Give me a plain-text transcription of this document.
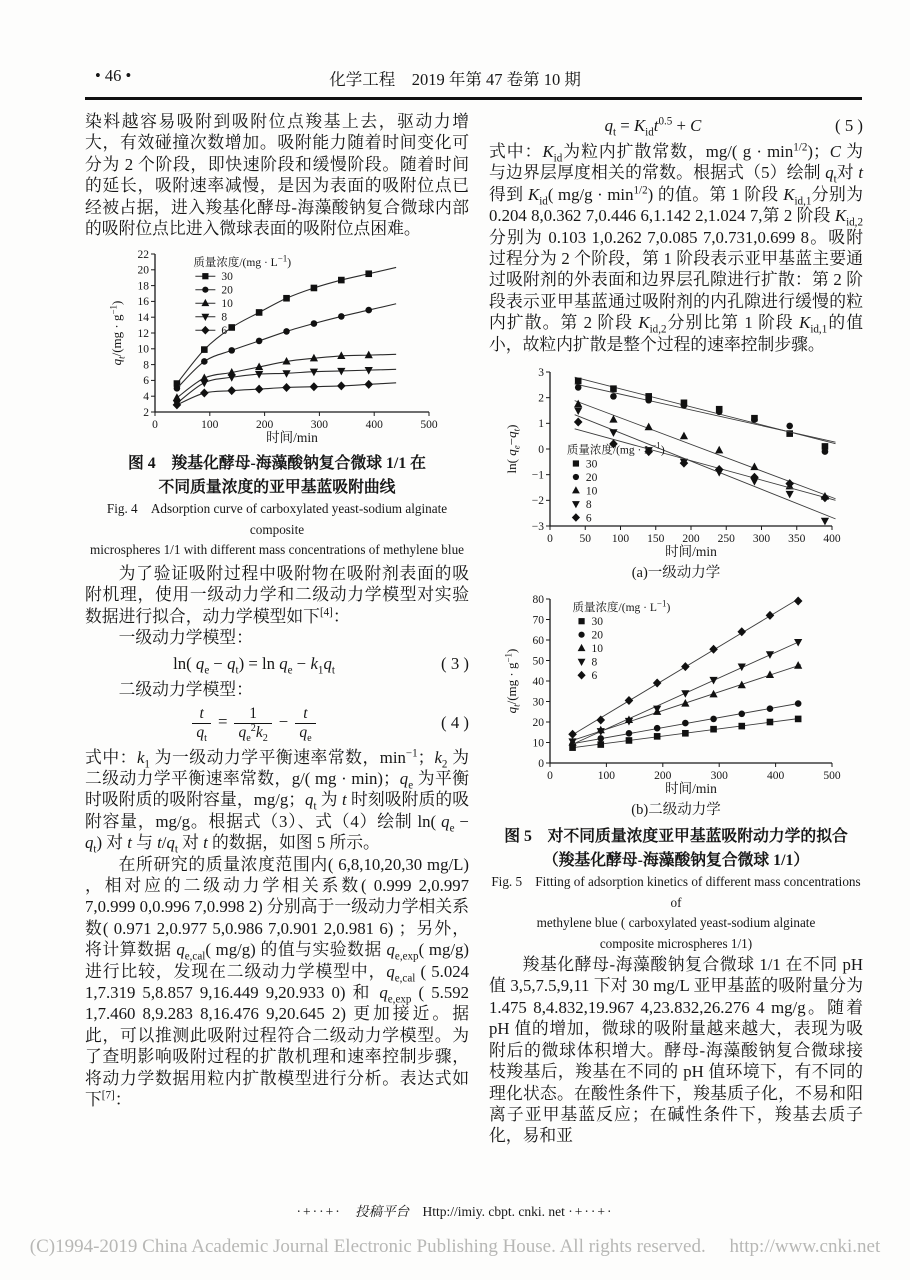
• 46 •	化学工程　2019 年第 47 卷第 10 期

染料越容易吸附到吸附位点羧基上去，驱动力增大，有效碰撞次数增加。吸附能力随着时间变化可分为 2 个阶段，即快速阶段和缓慢阶段。随着时间的延长，吸附速率减慢，是因为表面的吸附位点已经被占据，进入羧基化酵母-海藻酸钠复合微球内部的吸附位点比进入微球表面的吸附位点困难。

0	100	200	300	400	500
2
4
6
8
10
12
14
16
18
20
22
时间/min
$q_t/(mg \cdot g^{-1})$
质量浓度$/(mg \cdot L^{-1})$
30
20
10
8
6
图 4　羧基化酵母-海藻酸钠复合微球 1/1 在
不同质量浓度的亚甲基蓝吸附曲线
Fig. 4　Adsorption curve of carboxylated yeast-sodium alginate composite
microspheres 1/1 with different mass concentrations of methylene blue

为了验证吸附过程中吸附物在吸附剂表面的吸附机理，使用一级动力学和二级动力学模型对实验数据进行拟合，动力学模型如下[4]：

一级动力学模型：

ln( $q_e - q_t) = \ln q_e - k_1q_t$	( 3 )

二级动力学模型：

$\frac{t}{q_t} = \frac{1}{q_e^2k_2} - \frac{t}{q_e}$	( 4 )

式中：$k_1$ 为一级动力学平衡速率常数，$\min^{-1}$；$k_2$ 为二级动力学平衡速率常数，g/( mg · min)；$q_e$ 为平衡时吸附质的吸附容量，mg/g；$q_t$ 为 t 时刻吸附质的吸附容量，mg/g。根据式（3）、式（4）绘制 ln( $q_e - q_t$) 对 t 与 $t/q_t$ 对 t 的数据，如图 5 所示。

在所研究的质量浓度范围内( 6,8,10,20,30 mg/L) ，相对应的二级动力学相关系数( 0.999 2,0.997 7,0.999 0,0.996 7,0.998 2) 分别高于一级动力学相关系数( 0.971 2,0.977 5,0.986 7,0.901 2,0.981 6) ；另外，将计算数据 $q_{e,cal}$( mg/g) 的值与实验数据 $q_{e,exp}$( mg/g) 进行比较，发现在二级动力学模型中，$q_{e,cal}$ ( 5.024 1,7.319 5,8.857 9,16.449 9,20.933 0) 和 $q_{e,exp}$ ( 5.592 1,7.460 8,9.283 8,16.476 9,20.645 2) 更加接近。据此，可以推测此吸附过程符合二级动力学模型。为了查明影响吸附过程的扩散机理和速率控制步骤，将动力学数据用粒内扩散模型进行分析。表达式如下[7]：

$q_t = K_{id}t^{0.5} + C$	( 5 )

式中：$K_{id}$为粒内扩散常数，mg/( $g \cdot \min^{1/2}$)；C 为与边界层厚度相关的常数。根据式（5）绘制 $q_t$对 t 得到 $K_{id}$( $mg/g \cdot \min^{1/2}$) 的值。第 1 阶段 $K_{id,1}$分别为 0.204 8,0.362 7,0.446 6,1.142 2,1.024 7,第 2 阶段 $K_{id,2}$分别为 0.103 1,0.262 7,0.085 7,0.731,0.699 8。吸附过程分为 2 个阶段，第 1 阶段表示亚甲基蓝主要通过吸附剂的外表面和边界层孔隙进行扩散：第 2 阶段表示亚甲基蓝通过吸附剂的内孔隙进行缓慢的粒内扩散。第 2 阶段 $K_{id,2}$分别比第 1 阶段 $K_{id,1}$的值小，故粒内扩散是整个过程的速率控制步骤。

0 50 100 150 200 250 300 350 400
−3
−2
−1
0
1
2
3
时间/min
ln( $q_e-q_t$)
质量浓度$/(mg \cdot L^{-1})$
30
20
10
8
6
(a)一级动力学
0	100	200	300	400	500
0
10
20
30
40
50
60
70
80
时间/min
$q_t/(mg \cdot g^{-1})$
质量浓度$/(mg \cdot L^{-1})$
30
20
10
8
6
(b)二级动力学
图 5　对不同质量浓度亚甲基蓝吸附动力学的拟合
（羧基化酵母-海藻酸钠复合微球 1/1）
Fig. 5　Fitting of adsorption kinetics of different mass concentrations of
methylene blue ( carboxylated yeast-sodium alginate
composite microspheres 1/1)

羧基化酵母-海藻酸钠复合微球 1/1 在不同 pH 值 3,5,7.5,9,11 下对 30 mg/L 亚甲基蓝的吸附量分为 1.475 8,4.832,19.967 4,23.832,26.276 4 mg/g。随着 pH 值的增加，微球的吸附量越来越大，表现为吸附后的微球体积增大。酵母-海藻酸钠复合微球接枝羧基后，羧基在不同的 pH 值环境下，有不同的理化状态。在酸性条件下，羧基质子化，不易和阳离子亚甲基蓝反应；在碱性条件下，羧基去质子化，易和亚

·+··+· 投稿平台 Http://imiy. cbpt. cnki. net ·+··+·
(C)1994-2019 China Academic Journal Electronic Publishing House. All rights reserved. http://www.cnki.net
